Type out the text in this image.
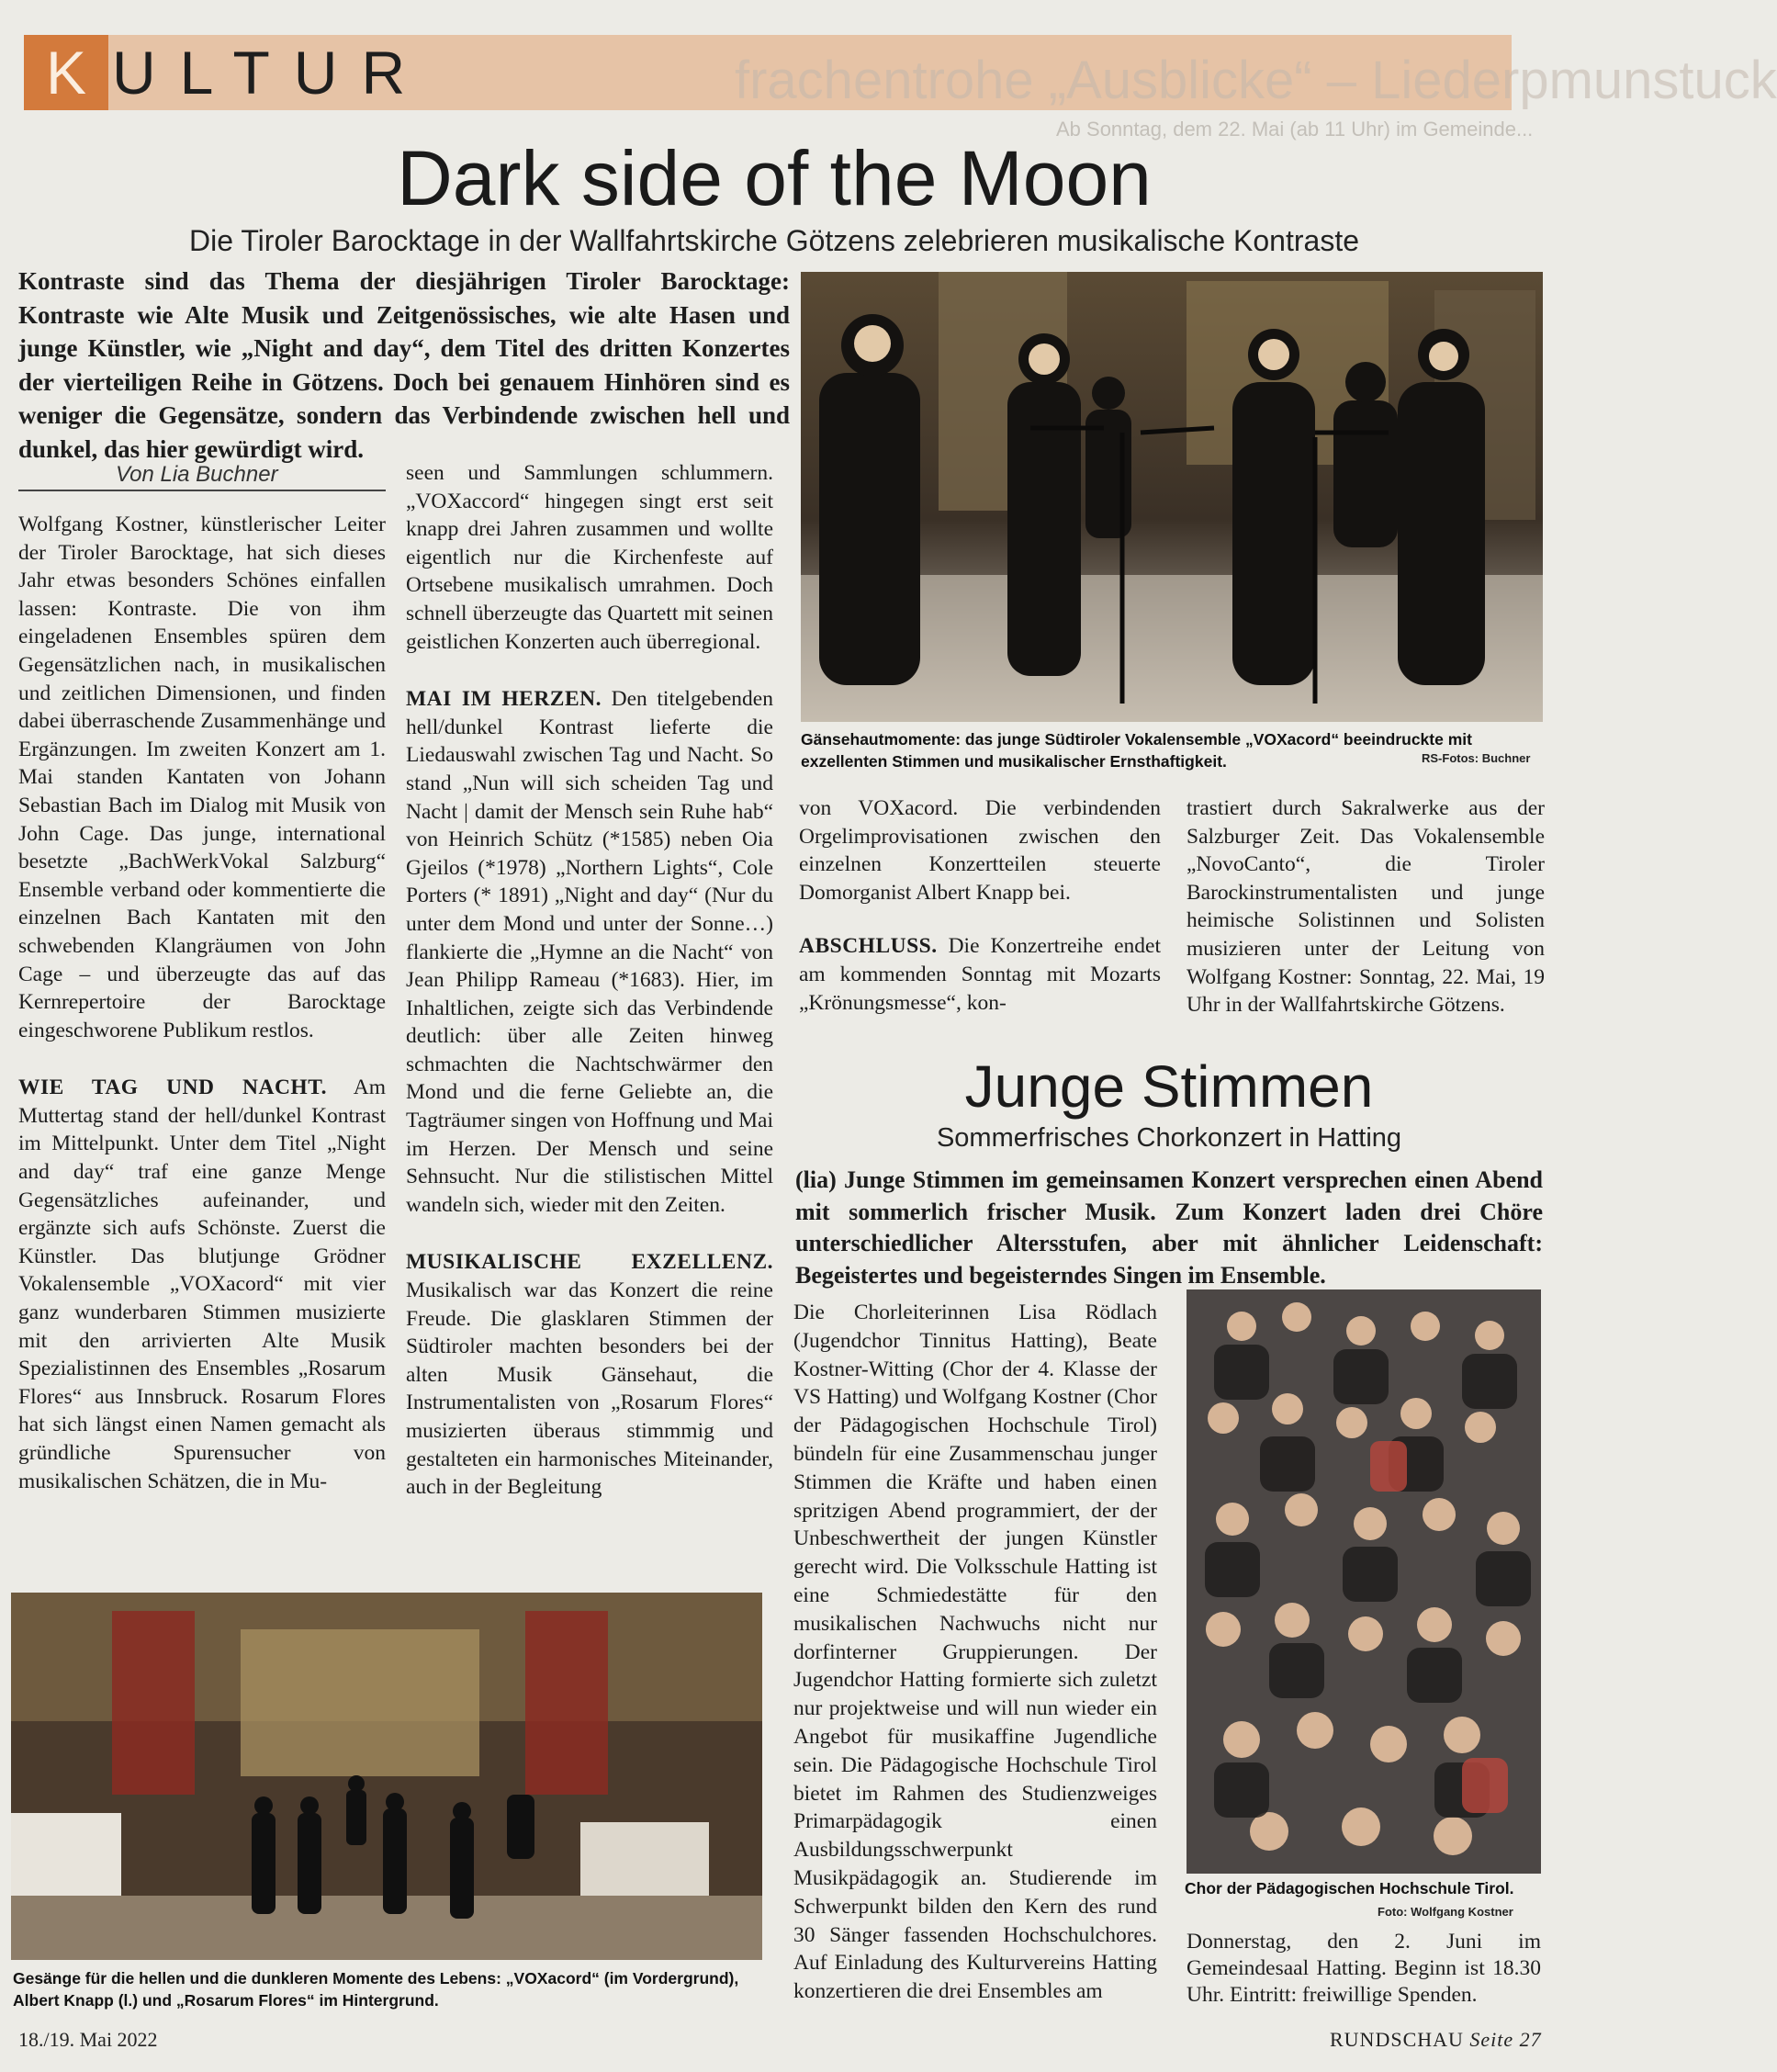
K ULTUR	frachentrohe „Ausblicke“ – Liederpmunstuck
Ab Sonntag, dem 22. Mai (ab 11 Uhr) im Gemeinde...
Dark side of the Moon
Die Tiroler Barocktage in der Wallfahrtskirche Götzens zelebrieren musikalische Kontraste
Kontraste sind das Thema der diesjährigen Tiroler Barocktage: Kontraste wie Alte Musik und Zeitgenössisches, wie alte Hasen und junge Künstler, wie „Night and day“, dem Titel des dritten Konzertes der vierteiligen Reihe in Götzens. Doch bei genauem Hinhören sind es weniger die Gegensätze, sondern das Verbindende zwischen hell und dunkel, das hier gewürdigt wird.
Von Lia Buchner

Wolfgang Kostner, künstlerischer Leiter der Tiroler Barocktage, hat sich dieses Jahr etwas besonders Schönes einfallen lassen: Kontraste. Die von ihm eingeladenen Ensembles spüren dem Gegensätzlichen nach, in musikalischen und zeitlichen Dimensionen, und finden dabei überraschende Zusammenhänge und Ergänzungen. Im zweiten Konzert am 1. Mai standen Kantaten von Johann Sebastian Bach im Dialog mit Musik von John Cage. Das junge, international besetzte „BachWerkVokal Salzburg“ Ensemble verband oder kommentierte die einzelnen Bach Kantaten mit den schwebenden Klangräumen von John Cage – und überzeugte das auf das Kernrepertoire der Barocktage eingeschworene Publikum restlos.

WIE TAG UND NACHT. Am Muttertag stand der hell/dunkel Kontrast im Mittelpunkt. Unter dem Titel „Night and day“ traf eine ganze Menge Gegensätzliches aufeinander, und ergänzte sich aufs Schönste. Zuerst die Künstler. Das blutjunge Grödner Vokalensemble „VOXacord“ mit vier ganz wunderbaren Stimmen musizierte mit den arrivierten Alte Musik Spezialistinnen des Ensembles „Rosarum Flores“ aus Innsbruck. Rosarum Flores hat sich längst einen Namen gemacht als gründliche Spurensucher von musikalischen Schätzen, die in Mu-

seen und Sammlungen schlummern. „VOXaccord“ hingegen singt erst seit knapp drei Jahren zusammen und wollte eigentlich nur die Kirchenfeste auf Ortsebene musikalisch umrahmen. Doch schnell überzeugte das Quartett mit seinen geistlichen Konzerten auch überregional.

MAI IM HERZEN. Den titelgebenden hell/dunkel Kontrast lieferte die Liedauswahl zwischen Tag und Nacht. So stand „Nun will sich scheiden Tag und Nacht | damit der Mensch sein Ruhe hab“ von Heinrich Schütz (*1585) neben Oia Gjeilos (*1978) „Northern Lights“, Cole Porters (* 1891) „Night and day“ (Nur du unter dem Mond und unter der Sonne…) flankierte die „Hymne an die Nacht“ von Jean Philipp Rameau (*1683). Hier, im Inhaltlichen, zeigte sich das Verbindende deutlich: über alle Zeiten hinweg schmachten die Nachtschwärmer den Mond und die ferne Geliebte an, die Tagträumer singen von Hoffnung und Mai im Herzen. Der Mensch und seine Sehnsucht. Nur die stilistischen Mittel wandeln sich, wieder mit den Zeiten.

MUSIKALISCHE EXZELLENZ. Musikalisch war das Konzert die reine Freude. Die glasklaren Stimmen der Südtiroler machten besonders bei der alten Musik Gänsehaut, die Instrumentalisten von „Rosarum Flores“ musizierten überaus stimmmig und gestalteten ein harmonisches Miteinander, auch in der Begleitung

Gänsehautmomente: das junge Südtiroler Vokalensemble „VOXacord“ beeindruckte mit exzellenten Stimmen und musikalischer Ernsthaftigkeit.	RS-Fotos: Buchner

von VOXacord. Die verbindenden Orgelimprovisationen zwischen den einzelnen Konzertteilen steuerte Domorganist Albert Knapp bei.

ABSCHLUSS. Die Konzertreihe endet am kommenden Sonntag mit Mozarts „Krönungsmesse“, kon-

trastiert durch Sakralwerke aus der Salzburger Zeit. Das Vokalensemble „NovoCanto“, die Tiroler Barockinstrumentalisten und junge heimische Solistinnen und Solisten musizieren unter der Leitung von Wolfgang Kostner: Sonntag, 22. Mai, 19 Uhr in der Wallfahrtskirche Götzens.

Gesänge für die hellen und die dunkleren Momente des Lebens: „VOXacord“ (im Vordergrund), Albert Knapp (l.) und „Rosarum Flores“ im Hintergrund.
Junge Stimmen
Sommerfrisches Chorkonzert in Hatting
(lia) Junge Stimmen im gemeinsamen Konzert versprechen einen Abend mit sommerlich frischer Musik. Zum Konzert laden drei Chöre unterschiedlicher Altersstufen, aber mit ähnlicher Leidenschaft: Begeistertes und begeisterndes Singen im Ensemble.

Die Chorleiterinnen Lisa Rödlach (Jugendchor Tinnitus Hatting), Beate Kostner-Witting (Chor der 4. Klasse der VS Hatting) und Wolfgang Kostner (Chor der Pädagogischen Hochschule Tirol) bündeln für eine Zusammenschau junger Stimmen die Kräfte und haben einen spritzigen Abend programmiert, der der Unbeschwertheit der jungen Künstler gerecht wird. Die Volksschule Hatting ist eine Schmiedestätte für den musikalischen Nachwuchs nicht nur dorfinterner Gruppierungen. Der Jugendchor Hatting formierte sich zuletzt nur projektweise und will nun wieder ein Angebot für musikaffine Jugendliche sein. Die Pädagogische Hochschule Tirol bietet im Rahmen des Studienzweiges Primarpädagogik einen Ausbildungsschwerpunkt Musikpädagogik an. Studierende im Schwerpunkt bilden den Kern des rund 30 Sänger fassenden Hochschulchores. Auf Einladung des Kulturvereins Hatting konzertieren die drei Ensembles am

Chor der Pädagogischen Hochschule Tirol.
Foto: Wolfgang Kostner

Donnerstag, den 2. Juni im Gemeindesaal Hatting. Beginn ist 18.30 Uhr. Eintritt: freiwillige Spenden.

18./19. Mai 2022	RUNDSCHAU Seite 27
